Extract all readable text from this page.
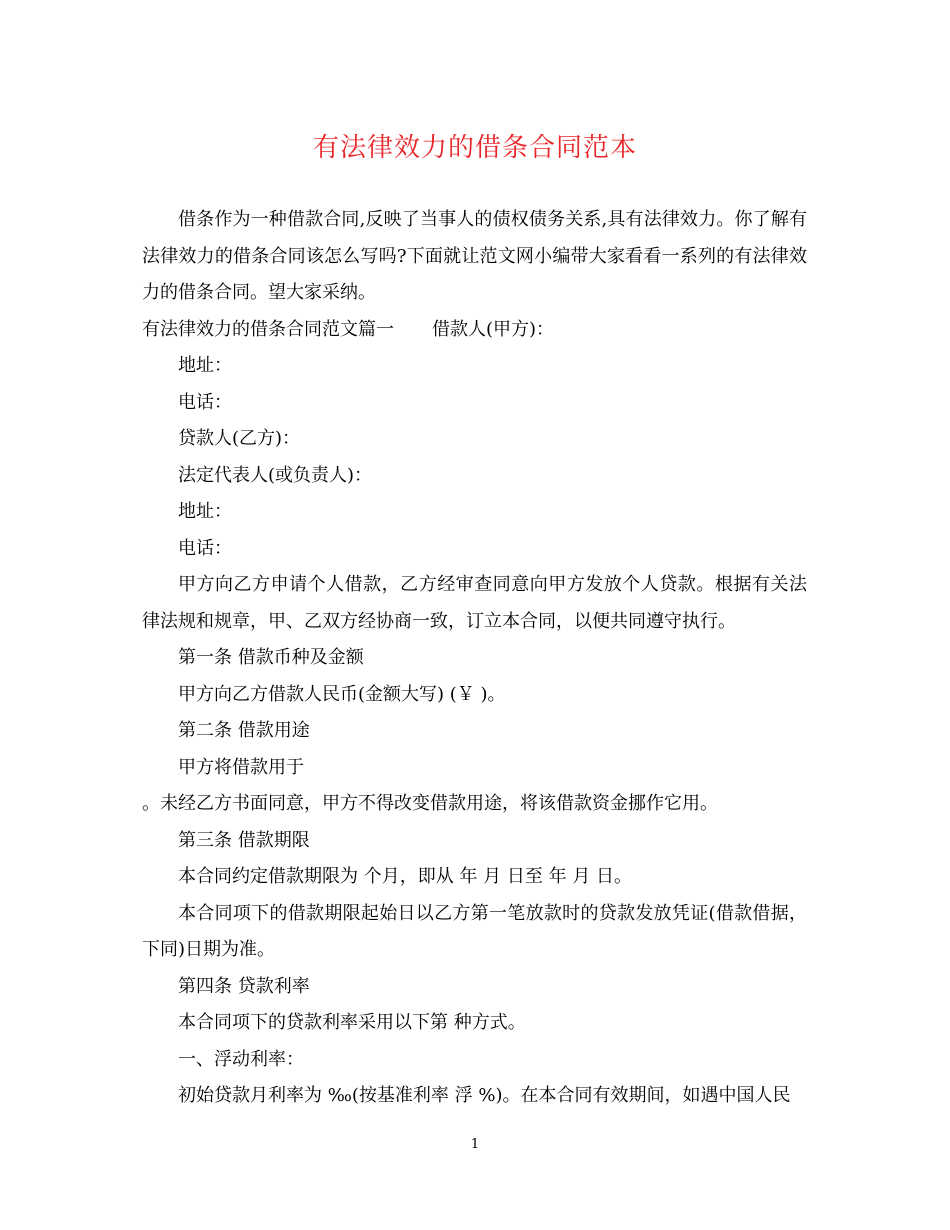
有法律效力的借条合同范本

借条作为一种借款合同,反映了当事人的债权债务关系,具有法律效力。你了解有法律效力的借条合同该怎么写吗?下面就让范文网小编带大家看看一系列的有法律效力的借条合同。望大家采纳。

有法律效力的借条合同范文篇一 借款人(甲方)：

地址：

电话：

贷款人(乙方)：

法定代表人(或负责人)：

地址：

电话：

甲方向乙方申请个人借款，乙方经审查同意向甲方发放个人贷款。根据有关法律法规和规章，甲、乙双方经协商一致，订立本合同，以便共同遵守执行。

第一条 借款币种及金额

甲方向乙方借款人民币(金额大写) (￥ )。

第二条 借款用途

甲方将借款用于

。未经乙方书面同意，甲方不得改变借款用途，将该借款资金挪作它用。

第三条 借款期限

本合同约定借款期限为 个月，即从 年 月 日至 年 月 日。

本合同项下的借款期限起始日以乙方第一笔放款时的贷款发放凭证(借款借据，下同)日期为准。

第四条 贷款利率

本合同项下的贷款利率采用以下第 种方式。

一、浮动利率：

初始贷款月利率为 ‰(按基准利率 浮 %)。在本合同有效期间，如遇中国人民

1
